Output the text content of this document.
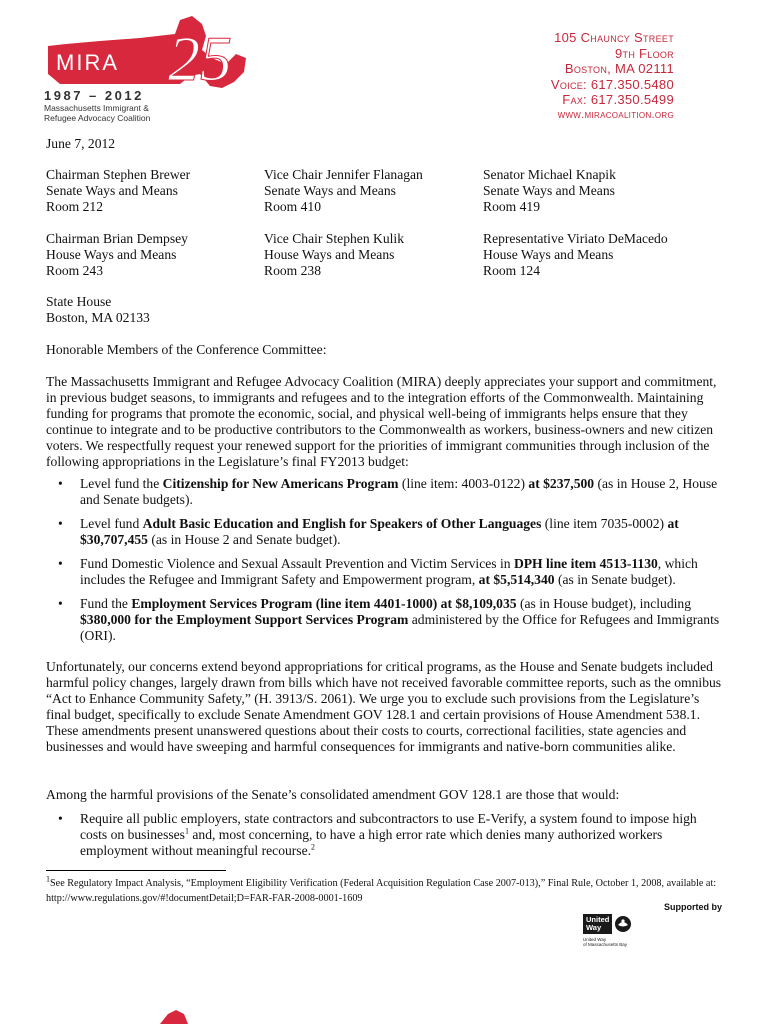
MIRA 25
1987 – 2012
Massachusetts Immigrant &
Refugee Advocacy Coalition
105 Chauncy Street
9th Floor
Boston, MA 02111
Voice: 617.350.5480
Fax: 617.350.5499
www.miracoalition.org
June 7, 2012
Chairman Stephen Brewer
Senate Ways and Means
Room 212
Vice Chair Jennifer Flanagan
Senate Ways and Means
Room 410
Senator Michael Knapik
Senate Ways and Means
Room 419
Chairman Brian Dempsey
House Ways and Means
Room 243
Vice Chair Stephen Kulik
House Ways and Means
Room 238
Representative Viriato DeMacedo
House Ways and Means
Room 124
State House
Boston, MA 02133
Honorable Members of the Conference Committee:
The Massachusetts Immigrant and Refugee Advocacy Coalition (MIRA) deeply appreciates your support and commitment, in previous budget seasons, to immigrants and refugees and to the integration efforts of the Commonwealth. Maintaining funding for programs that promote the economic, social, and physical well-being of immigrants helps ensure that they continue to integrate and to be productive contributors to the Commonwealth as workers, business-owners and new citizen voters. We respectfully request your renewed support for the priorities of immigrant communities through inclusion of the following appropriations in the Legislature’s final FY2013 budget:
• Level fund the Citizenship for New Americans Program (line item: 4003-0122) at $237,500 (as in House 2, House and Senate budgets).
• Level fund Adult Basic Education and English for Speakers of Other Languages (line item 7035-0002) at $30,707,455 (as in House 2 and Senate budget).
• Fund Domestic Violence and Sexual Assault Prevention and Victim Services in DPH line item 4513-1130, which includes the Refugee and Immigrant Safety and Empowerment program, at $5,514,340 (as in Senate budget).
• Fund the Employment Services Program (line item 4401-1000) at $8,109,035 (as in House budget), including $380,000 for the Employment Support Services Program administered by the Office for Refugees and Immigrants (ORI).
Unfortunately, our concerns extend beyond appropriations for critical programs, as the House and Senate budgets included harmful policy changes, largely drawn from bills which have not received favorable committee reports, such as the omnibus “Act to Enhance Community Safety,” (H. 3913/S. 2061). We urge you to exclude such provisions from the Legislature’s final budget, specifically to exclude Senate Amendment GOV 128.1 and certain provisions of House Amendment 538.1. These amendments present unanswered questions about their costs to courts, correctional facilities, state agencies and businesses and would have sweeping and harmful consequences for immigrants and native-born communities alike.
Among the harmful provisions of the Senate’s consolidated amendment GOV 128.1 are those that would:
• Require all public employers, state contractors and subcontractors to use E-Verify, a system found to impose high costs on businesses$^1$ and, most concerning, to have a high error rate which denies many authorized workers employment without meaningful recourse.$^2$
$^1$See Regulatory Impact Analysis, “Employment Eligibility Verification (Federal Acquisition Regulation Case 2007-013),” Final Rule, October 1, 2008, available at: http://www.regulations.gov/#!documentDetail;D=FAR-FAR-2008-0001-1609
Supported by
United
Way
United Way
of Massachusetts Bay
